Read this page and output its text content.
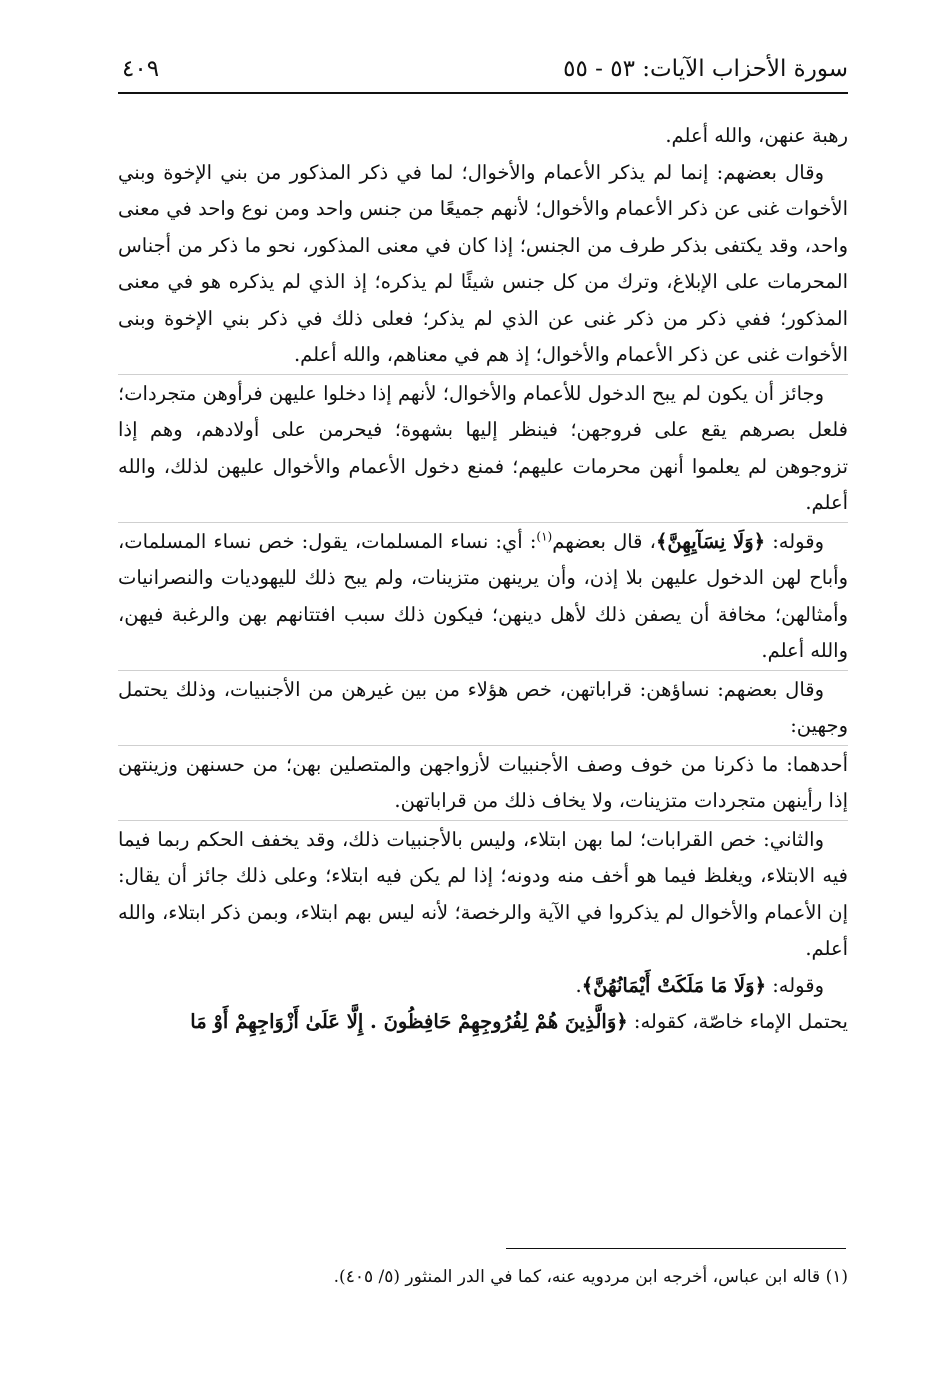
سورة الأحزاب الآيات: ٥٣ - ٥٥
٤٠٩

رهبة عنهن، والله أعلم.

وقال بعضهم: إنما لم يذكر الأعمام والأخوال؛ لما في ذكر المذكور من بني الإخوة وبني الأخوات غنى عن ذكر الأعمام والأخوال؛ لأنهم جميعًا من جنس واحد ومن نوع واحد في معنى واحد، وقد يكتفى بذكر طرف من الجنس؛ إذا كان في معنى المذكور، نحو ما ذكر من أجناس المحرمات على الإبلاغ، وترك من كل جنس شيئًا لم يذكره؛ إذ الذي لم يذكره هو في معنى المذكور؛ ففي ذكر من ذكر غنى عن الذي لم يذكر؛ فعلى ذلك في ذكر بني الإخوة وبنى الأخوات غنى عن ذكر الأعمام والأخوال؛ إذ هم في معناهم، والله أعلم.

وجائز أن يكون لم يبح الدخول للأعمام والأخوال؛ لأنهم إذا دخلوا عليهن فرأوهن متجردات؛ فلعل بصرهم يقع على فروجهن؛ فينظر إليها بشهوة؛ فيحرمن على أولادهم، وهم إذا تزوجوهن لم يعلموا أنهن محرمات عليهم؛ فمنع دخول الأعمام والأخوال عليهن لذلك، والله أعلم.

وقوله: ﴿وَلَا نِسَآيِهِنَّ﴾، قال بعضهم$^{(١)}$: أي: نساء المسلمات، يقول: خص نساء المسلمات، وأباح لهن الدخول عليهن بلا إذن، وأن يرينهن متزينات، ولم يبح ذلك لليهوديات والنصرانيات وأمثالهن؛ مخافة أن يصفن ذلك لأهل دينهن؛ فيكون ذلك سبب افتتانهم بهن والرغبة فيهن، والله أعلم.

وقال بعضهم: نساؤهن: قراباتهن، خص هؤلاء من بين غيرهن من الأجنبيات، وذلك يحتمل وجهين:

أحدهما: ما ذكرنا من خوف وصف الأجنبيات لأزواجهن والمتصلين بهن؛ من حسنهن وزينتهن إذا رأينهن متجردات متزينات، ولا يخاف ذلك من قراباتهن.

والثاني: خص القرابات؛ لما بهن ابتلاء، وليس بالأجنبيات ذلك، وقد يخفف الحكم ربما فيما فيه الابتلاء، ويغلظ فيما هو أخف منه ودونه؛ إذا لم يكن فيه ابتلاء؛ وعلى ذلك جائز أن يقال: إن الأعمام والأخوال لم يذكروا في الآية والرخصة؛ لأنه ليس بهم ابتلاء، وبمن ذكر ابتلاء، والله أعلم.

وقوله: ﴿وَلَا مَا مَلَكَتْ أَيْمَانُهُنَّ﴾.

يحتمل الإماء خاصّة، كقوله: ﴿وَالَّذِينَ هُمْ لِفُرُوجِهِمْ حَافِظُونَ . إِلَّا عَلَىٰ أَزْوَاجِهِمْ أَوْ مَا

(١) قاله ابن عباس، أخرجه ابن مردويه عنه، كما في الدر المنثور (٥/ ٤٠٥).
